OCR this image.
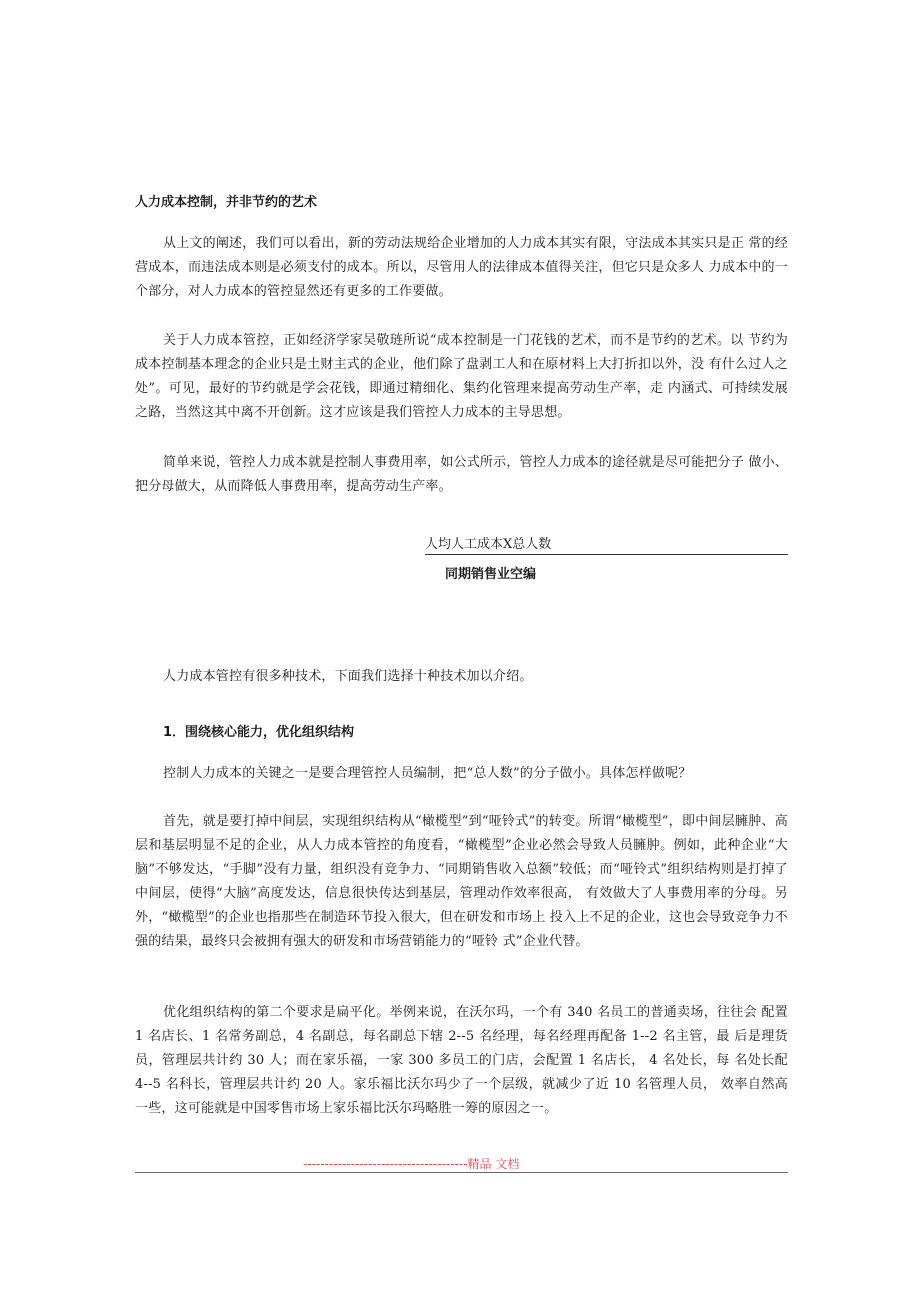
人力成本控制，并非节约的艺术
从上文的阐述，我们可以看出，新的劳动法规给企业增加的人力成本其实有限，守法成本其实只是正 常的经营成本，而违法成本则是必须支付的成本。所以，尽管用人的法律成本值得关注，但它只是众多人 力成本中的一个部分，对人力成本的管控显然还有更多的工作要做。
关于人力成本管控，正如经济学家吴敬琏所说“成本控制是一门花钱的艺术，而不是节约的艺术。以 节约为成本控制基本理念的企业只是土财主式的企业，他们除了盘剥工人和在原材料上大打折扣以外，没 有什么过人之处”。可见，最好的节约就是学会花钱，即通过精细化、集约化管理来提高劳动生产率，走 内涵式、可持续发展之路，当然这其中离不开创新。这才应该是我们管控人力成本的主导思想。
简单来说，管控人力成本就是控制人事费用率，如公式所示，管控人力成本的途径就是尽可能把分子 做小、把分母做大，从而降低人事费用率，提高劳动生产率。
人均人工成本X总人数
同期销售业空编
人力成本管控有很多种技术，下面我们选择十种技术加以介绍。
1．围绕核心能力，优化组织结构
控制人力成本的关键之一是要合理管控人员编制，把“总人数”的分子做小。具体怎样做呢？
首先，就是要打掉中间层，实现组织结构从“橄榄型”到“哑铃式”的转变。所谓“橄榄型”，即中间层臃肿、高层和基层明显不足的企业，从人力成本管控的角度看，“橄榄型”企业必然会导致人员臃肿。例如，此种企业“大脑”不够发达，“手脚”没有力量，组织没有竞争力、“同期销售收入总额”较低；而“哑铃式”组织结构则是打掉了中间层，使得“大脑”高度发达，信息很快传达到基层，管理动作效率很高， 有效做大了人事费用率的分母。另外，“橄榄型”的企业也指那些在制造环节投入很大，但在研发和市场上 投入上不足的企业，这也会导致竞争力不强的结果，最终只会被拥有强大的研发和市场营销能力的“哑铃 式”企业代替。
优化组织结构的第二个要求是扁平化。举例来说，在沃尔玛，一个有 340 名员工的普通卖场，往往会 配置 1 名店长、1 名常务副总，4 名副总，每名副总下辖 2--5 名经理，每名经理再配备 1--2 名主管，最 后是理货员，管理层共计约 30 人；而在家乐福，一家 300 多员工的门店，会配置 1 名店长， 4 名处长，每 名处长配 4--5 名科长，管理层共计约 20 人。家乐福比沃尔玛少了一个层级，就减少了近 10 名管理人员， 效率自然高一些，这可能就是中国零售市场上家乐福比沃尔玛略胜一筹的原因之一。
--------------------------------------精品 文档
